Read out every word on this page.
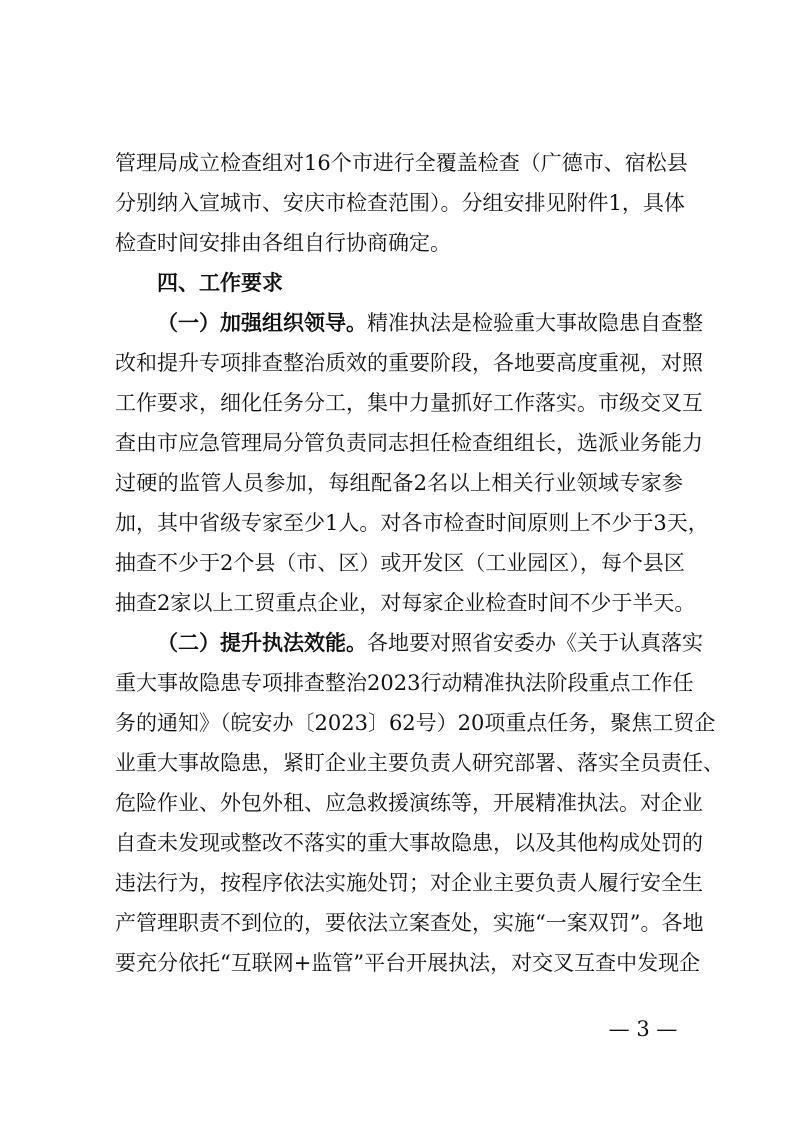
管理局成立检查组对16个市进行全覆盖检查（广德市、宿松县
分别纳入宣城市、安庆市检查范围）。分组安排见附件1，具体
检查时间安排由各组自行协商确定。
四、工作要求
（一）加强组织领导。精准执法是检验重大事故隐患自查整
改和提升专项排查整治质效的重要阶段，各地要高度重视，对照
工作要求，细化任务分工，集中力量抓好工作落实。市级交叉互
查由市应急管理局分管负责同志担任检查组组长，选派业务能力
过硬的监管人员参加，每组配备2名以上相关行业领域专家参
加，其中省级专家至少1人。对各市检查时间原则上不少于3天，
抽查不少于2个县（市、区）或开发区（工业园区），每个县区
抽查2家以上工贸重点企业，对每家企业检查时间不少于半天。
（二）提升执法效能。各地要对照省安委办《关于认真落实
重大事故隐患专项排查整治2023行动精准执法阶段重点工作任
务的通知》（皖安办〔2023〕62号）20项重点任务，聚焦工贸企
业重大事故隐患，紧盯企业主要负责人研究部署、落实全员责任、
危险作业、外包外租、应急救援演练等，开展精准执法。对企业
自查未发现或整改不落实的重大事故隐患，以及其他构成处罚的
违法行为，按程序依法实施处罚；对企业主要负责人履行安全生
产管理职责不到位的，要依法立案查处，实施“一案双罚”。各地
要充分依托“互联网+监管”平台开展执法，对交叉互查中发现企
— 3 —
